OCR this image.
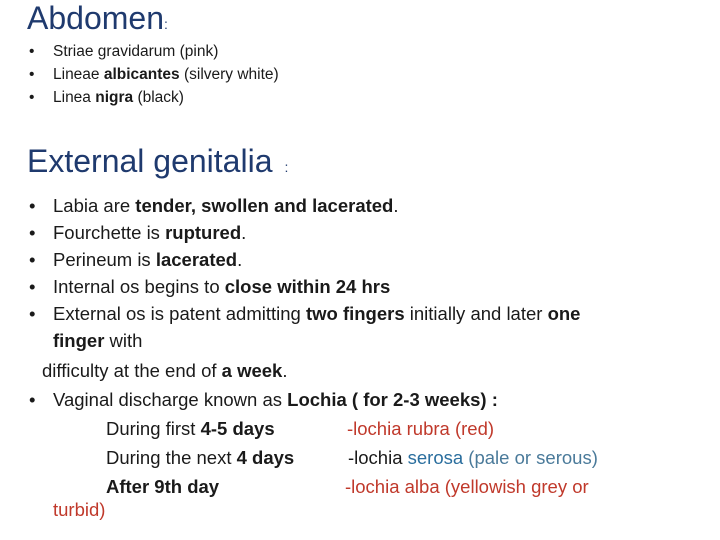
Abdomen:
• Striae gravidarum (pink)
• Lineae albicantes (silvery white)
• Linea nigra (black)
External genitalia :
• Labia are tender, swollen and lacerated.
• Fourchette is ruptured.
• Perineum is lacerated.
• Internal os begins to close within 24 hrs
• External os is patent admitting two fingers initially and later one
finger with
difficulty at the end of a week.
• Vaginal discharge known as Lochia ( for 2-3 weeks) :
During first 4-5 days	-lochia rubra (red)
During the next 4 days	-lochia serosa (pale or serous)
After 9th day	-lochia alba (yellowish grey or
turbid)
